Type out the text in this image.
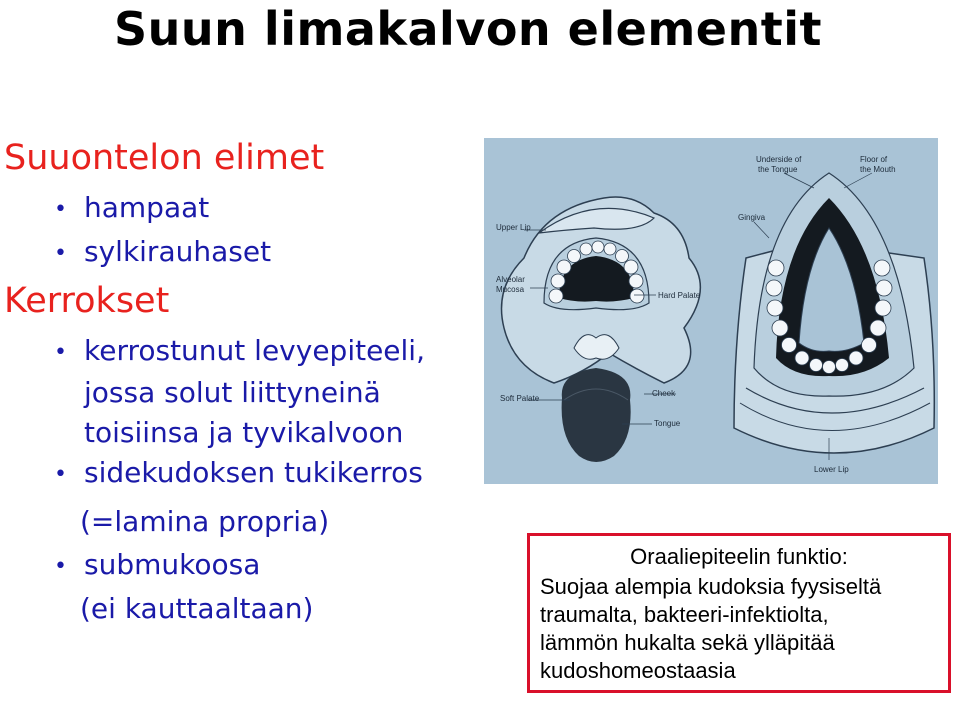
Suun limakalvon elementit
Suuontelon elimet
• hampaat
• sylkirauhaset
Kerrokset
• kerrostunut levyepiteeli,
jossa solut liittyneinä
toisiinsa ja tyvikalvoon
• sidekudoksen tukikerros
(=lamina propria)
• submukoosa
(ei kauttaaltaan)
Upper Lip
Alveolar
Mucosa
Hard Palate
Soft Palate
Cheek
Tongue
Underside of
the Tongue
Floor of
the Mouth
Gingiva
Lower Lip
Oraaliepiteelin funktio:
Suojaa alempia kudoksia fyysiseltä
traumalta, bakteeri-infektiolta,
lämmön hukalta sekä ylläpitää
kudoshomeostaasia
